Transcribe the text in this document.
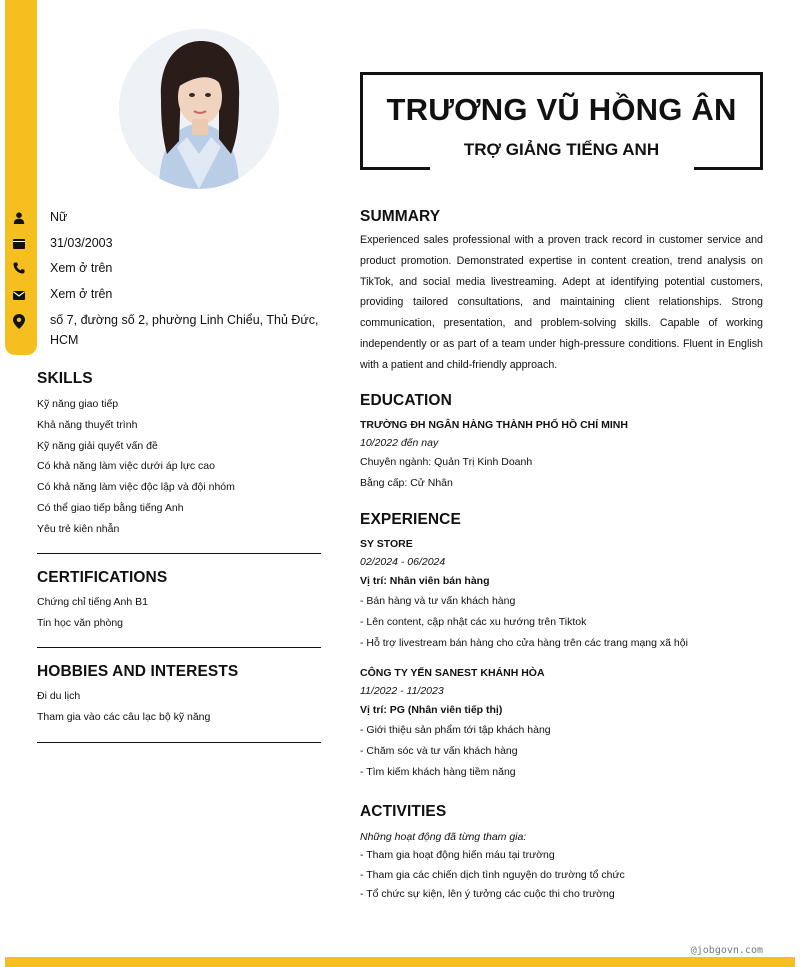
Nữ
31/03/2003
Xem ở trên
Xem ở trên
số 7, đường số 2, phường Linh Chiểu, Thủ Đức, HCM
SKILLS
Kỹ năng giao tiếp
Khả năng thuyết trình
Kỹ năng giải quyết vấn đề
Có khả năng làm việc dưới áp lực cao
Có khả năng làm việc độc lập và đội nhóm
Có thể giao tiếp bằng tiếng Anh
Yêu trẻ kiên nhẫn
CERTIFICATIONS
Chứng chỉ tiếng Anh B1
Tin học văn phòng
HOBBIES AND INTERESTS
Đi du lịch
Tham gia vào các câu lạc bộ kỹ năng
TRƯƠNG VŨ HỒNG ÂN
TRỢ GIẢNG TIẾNG ANH
SUMMARY
Experienced sales professional with a proven track record in customer service and product promotion. Demonstrated expertise in content creation, trend analysis on TikTok, and social media livestreaming. Adept at identifying potential customers, providing tailored consultations, and maintaining client relationships. Strong communication, presentation, and problem-solving skills. Capable of working independently or as part of a team under high-pressure conditions. Fluent in English with a patient and child-friendly approach.
EDUCATION
TRƯỜNG ĐH NGÂN HÀNG THÀNH PHỐ HỒ CHÍ MINH
10/2022 đến nay
Chuyên ngành: Quản Trị Kinh Doanh
Bằng cấp: Cử Nhân
EXPERIENCE
SY STORE
02/2024 - 06/2024
Vị trí: Nhân viên bán hàng
- Bán hàng và tư vấn khách hàng
- Lên content, cập nhật các xu hướng trên Tiktok
- Hỗ trợ livestream bán hàng cho cửa hàng trên các trang mạng xã hội
CÔNG TY YẾN SANEST KHÁNH HÒA
11/2022 - 11/2023
Vị trí: PG (Nhân viên tiếp thị)
- Giới thiệu sản phẩm tới tập khách hàng
- Chăm sóc và tư vấn khách hàng
- Tìm kiếm khách hàng tiềm năng
ACTIVITIES
Những hoạt động đã từng tham gia:
- Tham gia hoạt động hiến máu tại trường
- Tham gia các chiến dịch tình nguyện do trường tổ chức
- Tổ chức sự kiện, lên ý tưởng các cuộc thi cho trường
@jobgovn.com
